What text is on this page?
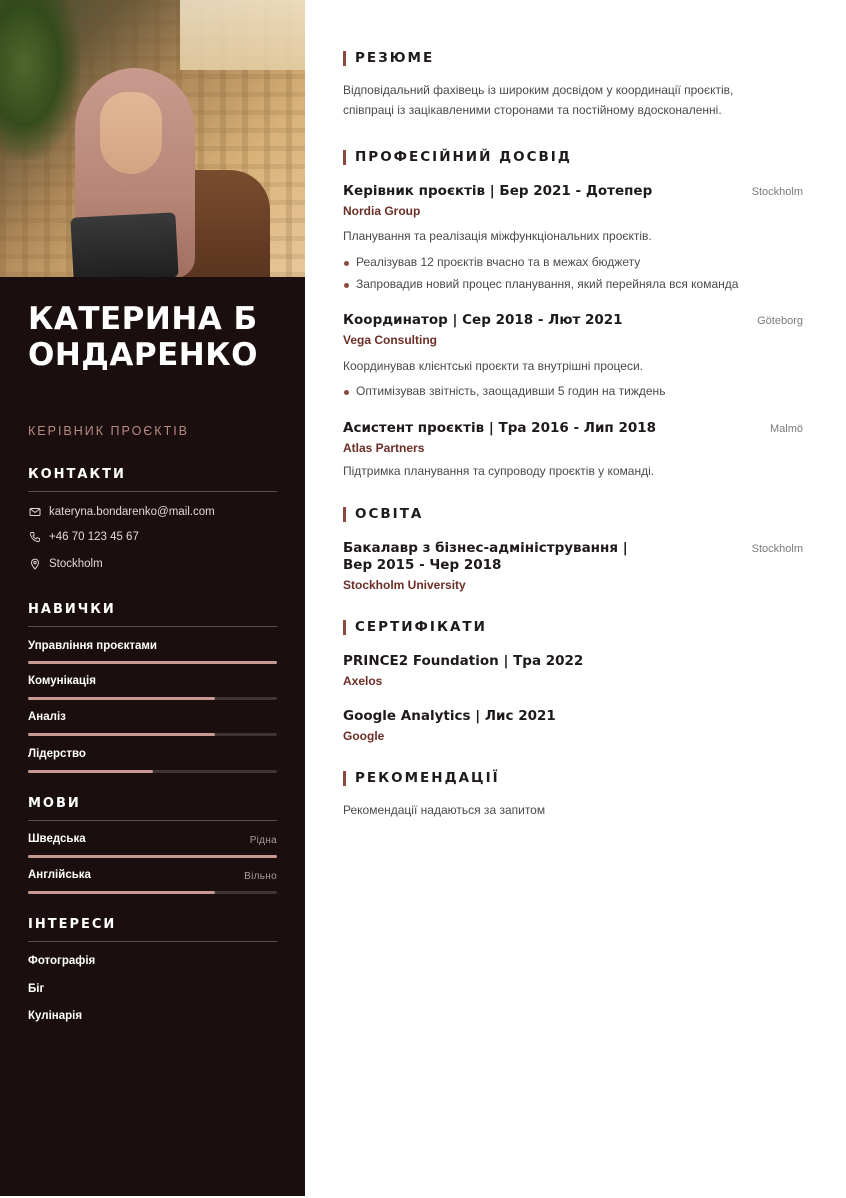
КАТЕРИНА БОНДАРЕНКО
КЕРІВНИК ПРОЄКТІВ
КОНТАКТИ
kateryna.bondarenko@mail.com
+46 70 123 45 67
Stockholm
НАВИЧКИ
Управління проєктами
Комунікація
Аналіз
Лідерство
МОВИ
Шведська	Рідна
Англійська	Вільно
ІНТЕРЕСИ
Фотографія
Біг
Кулінарія
РЕЗЮМЕ
Відповідальний фахівець із широким досвідом у координації проєктів,
співпраці із зацікавленими сторонами та постійному вдосконаленні.
ПРОФЕСІЙНИЙ ДОСВІД
Керівник проєктів | Бер 2021 - Дотепер	Stockholm
Nordia Group
Планування та реалізація міжфункціональних проєктів.
Реалізував 12 проєктів вчасно та в межах бюджету
Запровадив новий процес планування, який перейняла вся команда
Координатор | Сер 2018 - Лют 2021	Göteborg
Vega Consulting
Координував клієнтські проєкти та внутрішні процеси.
Оптимізував звітність, заощадивши 5 годин на тиждень
Асистент проєктів | Тра 2016 - Лип 2018	Malmö
Atlas Partners
Підтримка планування та супроводу проєктів у команді.
ОСВІТА
Бакалавр з бізнес-адміністрування |
Вер 2015 - Чер 2018
Stockholm
Stockholm University
СЕРТИФІКАТИ
PRINCE2 Foundation | Тра 2022
Axelos
Google Analytics | Лис 2021
Google
РЕКОМЕНДАЦІЇ
Рекомендації надаються за запитом
